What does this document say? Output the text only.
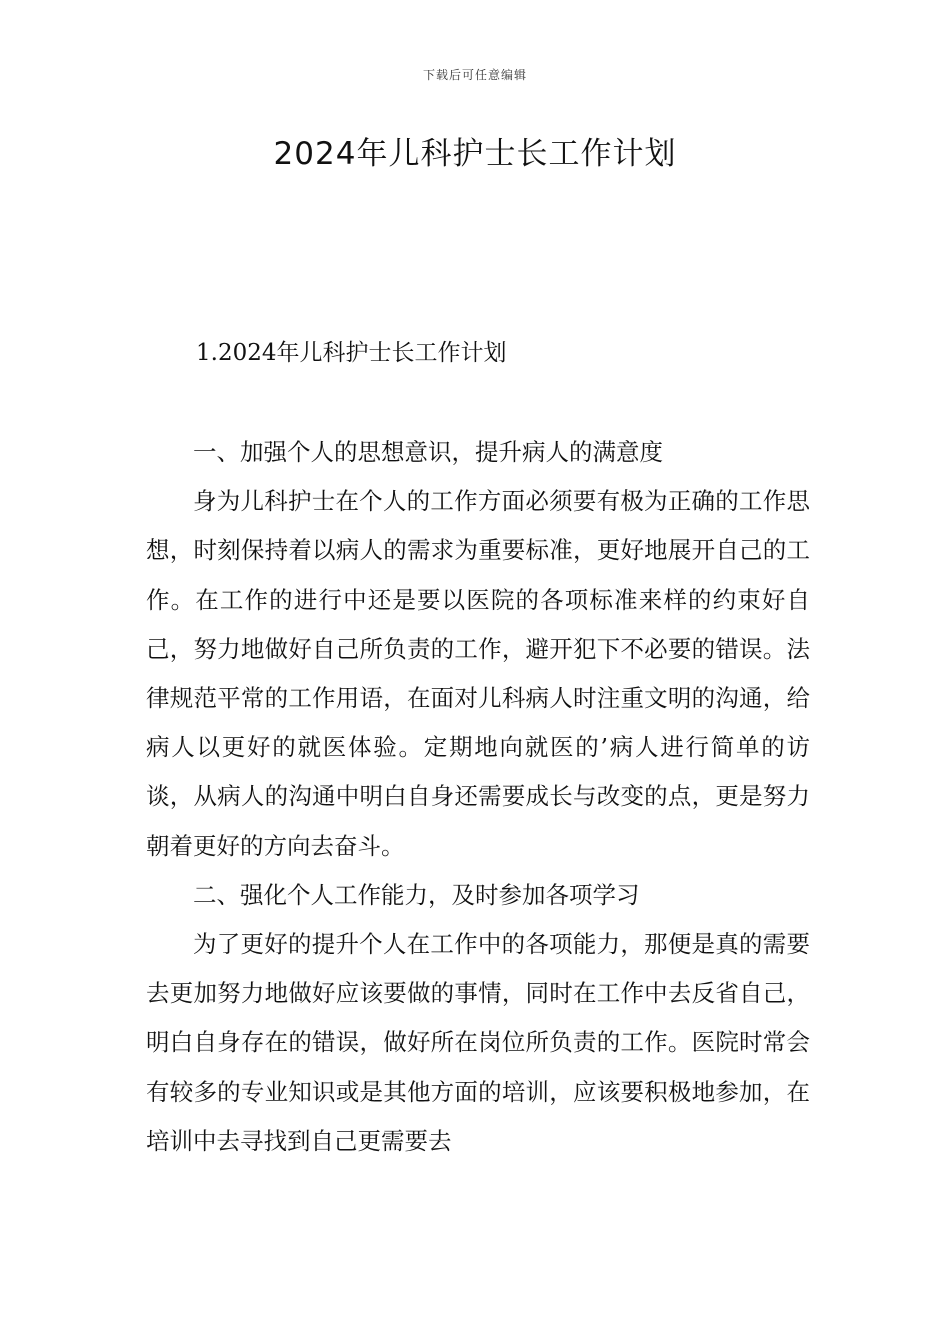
下载后可任意编辑
2024年儿科护士长工作计划
1.2024年儿科护士长工作计划

一、加强个人的思想意识，提升病人的满意度

身为儿科护士在个人的工作方面必须要有极为正确的工作思想，时刻保持着以病人的需求为重要标准，更好地展开自己的工作。在工作的进行中还是要以医院的各项标准来样的约束好自己，努力地做好自己所负责的工作，避开犯下不必要的错误。法律规范平常的工作用语，在面对儿科病人时注重文明的沟通，给病人以更好的就医体验。定期地向就医的’病人进行简单的访谈，从病人的沟通中明白自身还需要成长与改变的点，更是努力朝着更好的方向去奋斗。

二、强化个人工作能力，及时参加各项学习

为了更好的提升个人在工作中的各项能力，那便是真的需要去更加努力地做好应该要做的事情，同时在工作中去反省自己，明白自身存在的错误，做好所在岗位所负责的工作。医院时常会有较多的专业知识或是其他方面的培训，应该要积极地参加，在培训中去寻找到自己更需要去
